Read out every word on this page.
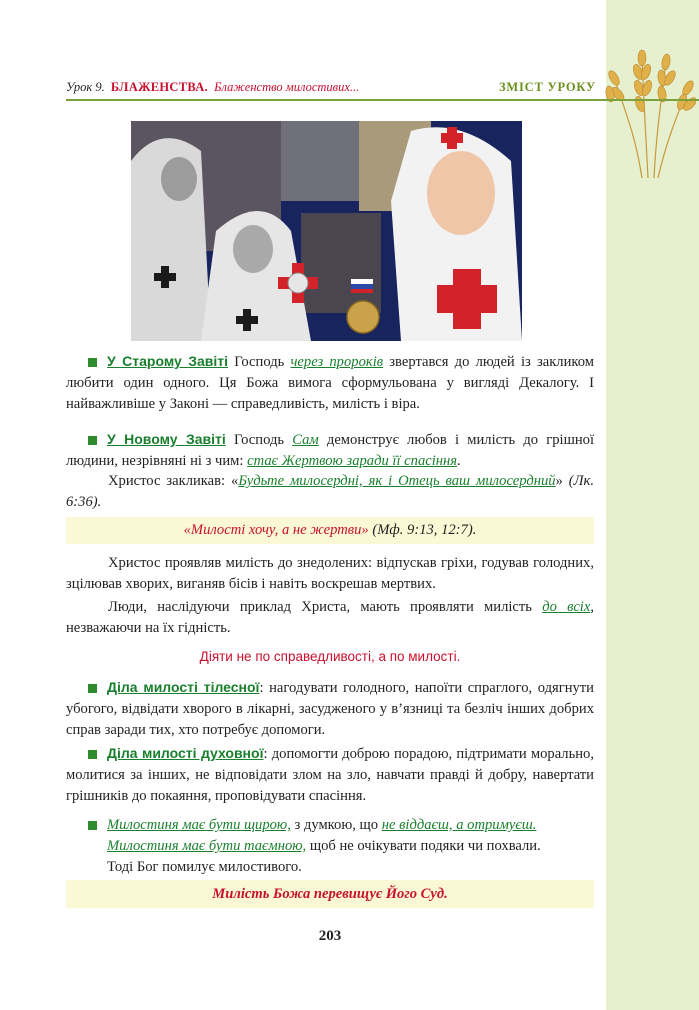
Урок 9. БЛАЖЕНСТВА. Блаженство милостивих...	ЗМІСТ УРОКУ
У Старому Завіті Господь через пророків звертався до людей із закликом любити один одного. Ця Божа вимога сформульована у вигляді Декалогу. І найважливіше у Законі — справедливість, милість і віра.
У Новому Завіті Господь Сам демонструє любов і милість до грішної людини, незрівняні ні з чим: стає Жертвою заради її спасіння.
Христос закликав: «Будьте милосердні, як і Отець ваш милосердний» (Лк. 6:36).
«Милості хочу, а не жертви» (Мф. 9:13, 12:7).
Христос проявляв милість до знедолених: відпускав гріхи, годував голодних, зцілював хворих, виганяв бісів і навіть воскрешав мертвих.
Люди, наслідуючи приклад Христа, мають проявляти милість до всіх, незважаючи на їх гідність.
Діяти не по справедливості, а по милості.
Діла милості тілесної: нагодувати голодного, напоїти спраглого, одягнути убогого, відвідати хворого в лікарні, засудженого у в’язниці та безліч інших добрих справ заради тих, хто потребує допомоги.
Діла милості духовної: допомогти доброю порадою, підтримати морально, молитися за інших, не відповідати злом на зло, навчати правді й добру, навертати грішників до покаяння, проповідувати спасіння.
Милостиня має бути щирою, з думкою, що не віддаєш, а отримуєш.
Милостиня має бути таємною, щоб не очікувати подяки чи похвали.
Тоді Бог помилує милостивого.
Милість Божа перевищує Його Суд.
203
